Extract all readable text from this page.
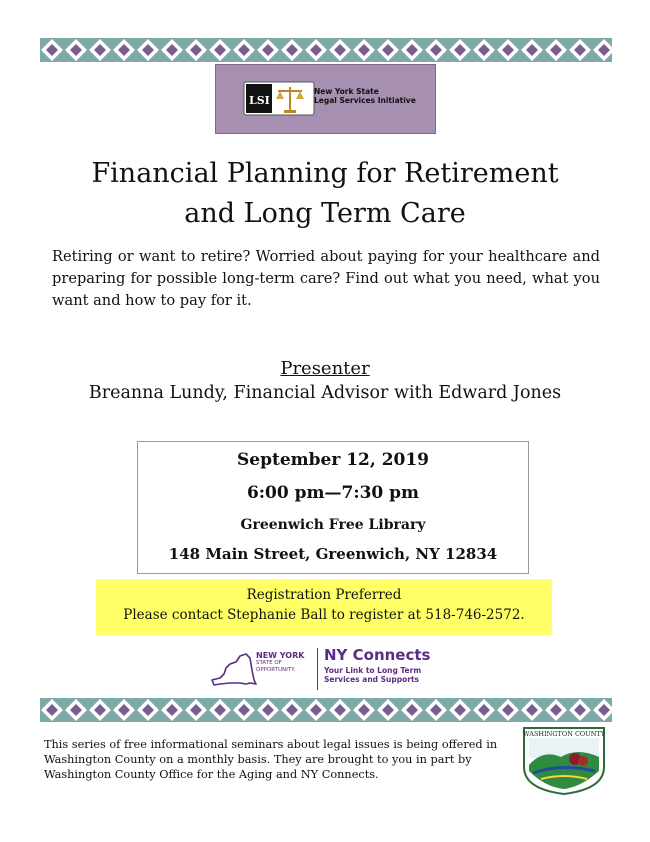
LSI
New York State
Legal Services Initiative
Financial Planning for Retirement
and Long Term Care
Retiring or want to retire? Worried about paying for your healthcare and preparing for possible long-term care? Find out what you need, what you want and how to pay for it.
Presenter
Breanna Lundy, Financial Advisor with Edward Jones
September 12, 2019
6:00 pm—7:30 pm
Greenwich Free Library
148 Main Street, Greenwich, NY 12834
Registration Preferred
Please contact Stephanie Ball to register at 518-746-2572.
NEW YORK
STATE OF
OPPORTUNITY.
NY Connects
Your Link to Long Term
Services and Supports
This series of free informational seminars about legal issues is being offered in Washington County on a monthly basis. They are brought to you in part by Washington County Office for the Aging and NY Connects.
WASHINGTON COUNTY
